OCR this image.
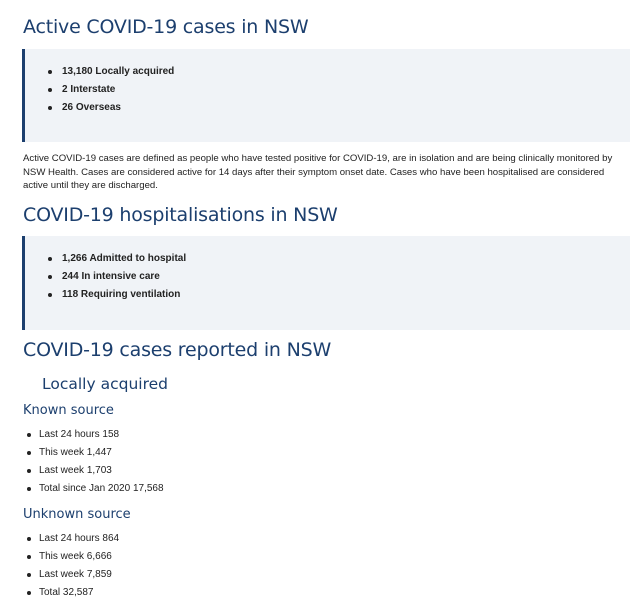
Active COVID-19 cases in NSW
13,180 Locally acquired
2 Interstate
26 Overseas

Active COVID-19 cases are defined as people who have tested positive for COVID-19, are in isolation and are being clinically monitored by NSW Health. Cases are considered active for 14 days after their symptom onset date. Cases who have been hospitalised are considered active until they are discharged.

COVID-19 hospitalisations in NSW
1,266 Admitted to hospital
244 In intensive care
118 Requiring ventilation
COVID-19 cases reported in NSW
Locally acquired
Known source
Last 24 hours 158
This week 1,447
Last week 1,703
Total since Jan 2020 17,568
Unknown source
Last 24 hours 864
This week 6,666
Last week 7,859
Total 32,587
